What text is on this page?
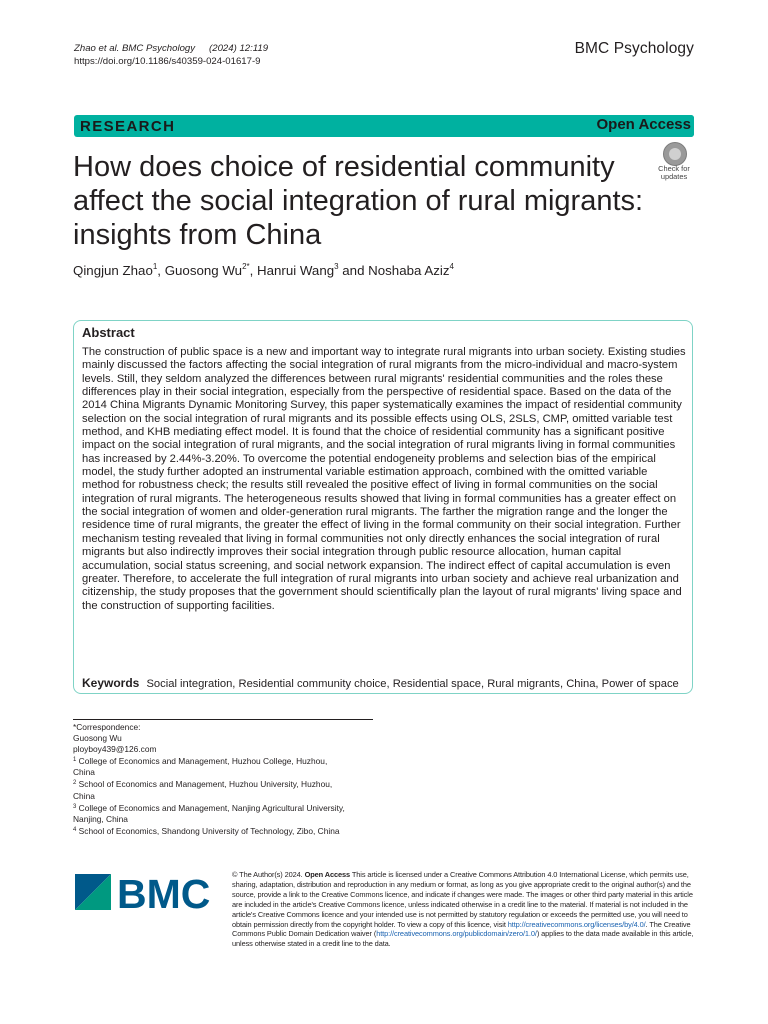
Zhao et al. BMC Psychology (2024) 12:119
https://doi.org/10.1186/s40359-024-01617-9
BMC Psychology
RESEARCH	Open Access
How does choice of residential community affect the social integration of rural migrants: insights from China
Check for
updates
Qingjun Zhao$^1$, Guosong $Wu^{2*}$, Hanrui Wang$^3$ and Noshaba Aziz$^4$
Abstract
The construction of public space is a new and important way to integrate rural migrants into urban society. Existing studies mainly discussed the factors affecting the social integration of rural migrants from the micro-individual and macro-system levels. Still, they seldom analyzed the differences between rural migrants' residential communities and the roles these differences play in their social integration, especially from the perspective of residential space. Based on the data of the 2014 China Migrants Dynamic Monitoring Survey, this paper systematically examines the impact of residential community selection on the social integration of rural migrants and its possible effects using OLS, 2SLS, CMP, omitted variable test method, and KHB mediating effect model. It is found that the choice of residential community has a significant positive impact on the social integration of rural migrants, and the social integration of rural migrants living in formal communities has increased by 2.44%-3.20%. To overcome the potential endogeneity problems and selection bias of the empirical model, the study further adopted an instrumental variable estimation approach, combined with the omitted variable method for robustness check; the results still revealed the positive effect of living in formal communities on the social integration of rural migrants. The heterogeneous results showed that living in formal communities has a greater effect on the social integration of women and older-generation rural migrants. The farther the migration range and the longer the residence time of rural migrants, the greater the effect of living in the formal community on their social integration. Further mechanism testing revealed that living in formal communities not only directly enhances the social integration of rural migrants but also indirectly improves their social integration through public resource allocation, human capital accumulation, social status screening, and social network expansion. The indirect effect of capital accumulation is even greater. Therefore, to accelerate the full integration of rural migrants into urban society and achieve real urbanization and citizenship, the study proposes that the government should scientifically plan the layout of rural migrants' living space and the construction of supporting facilities.
Keywords Social integration, Residential community choice, Residential space, Rural migrants, China, Power of space
*Correspondence:
Guosong Wu
ployboy439@126.com
$^1$ College of Economics and Management, Huzhou College, Huzhou,
China
$^2$ School of Economics and Management, Huzhou University, Huzhou,
China
$^3$ College of Economics and Management, Nanjing Agricultural University,
Nanjing, China
$^4$ School of Economics, Shandong University of Technology, Zibo, China
BMC	© The Author(s) 2024. Open Access This article is licensed under a Creative Commons Attribution 4.0 International License, which permits use, sharing, adaptation, distribution and reproduction in any medium or format, as long as you give appropriate credit to the original author(s) and the source, provide a link to the Creative Commons licence, and indicate if changes were made. The images or other third party material in this article are included in the article's Creative Commons licence, unless indicated otherwise in a credit line to the material. If material is not included in the article's Creative Commons licence and your intended use is not permitted by statutory regulation or exceeds the permitted use, you will need to obtain permission directly from the copyright holder. To view a copy of this licence, visit http://creativecommons.org/licenses/by/4.0/. The Creative Commons Public Domain Dedication waiver (http://creativecommons.org/publicdomain/zero/1.0/) applies to the data made available in this article, unless otherwise stated in a credit line to the data.
